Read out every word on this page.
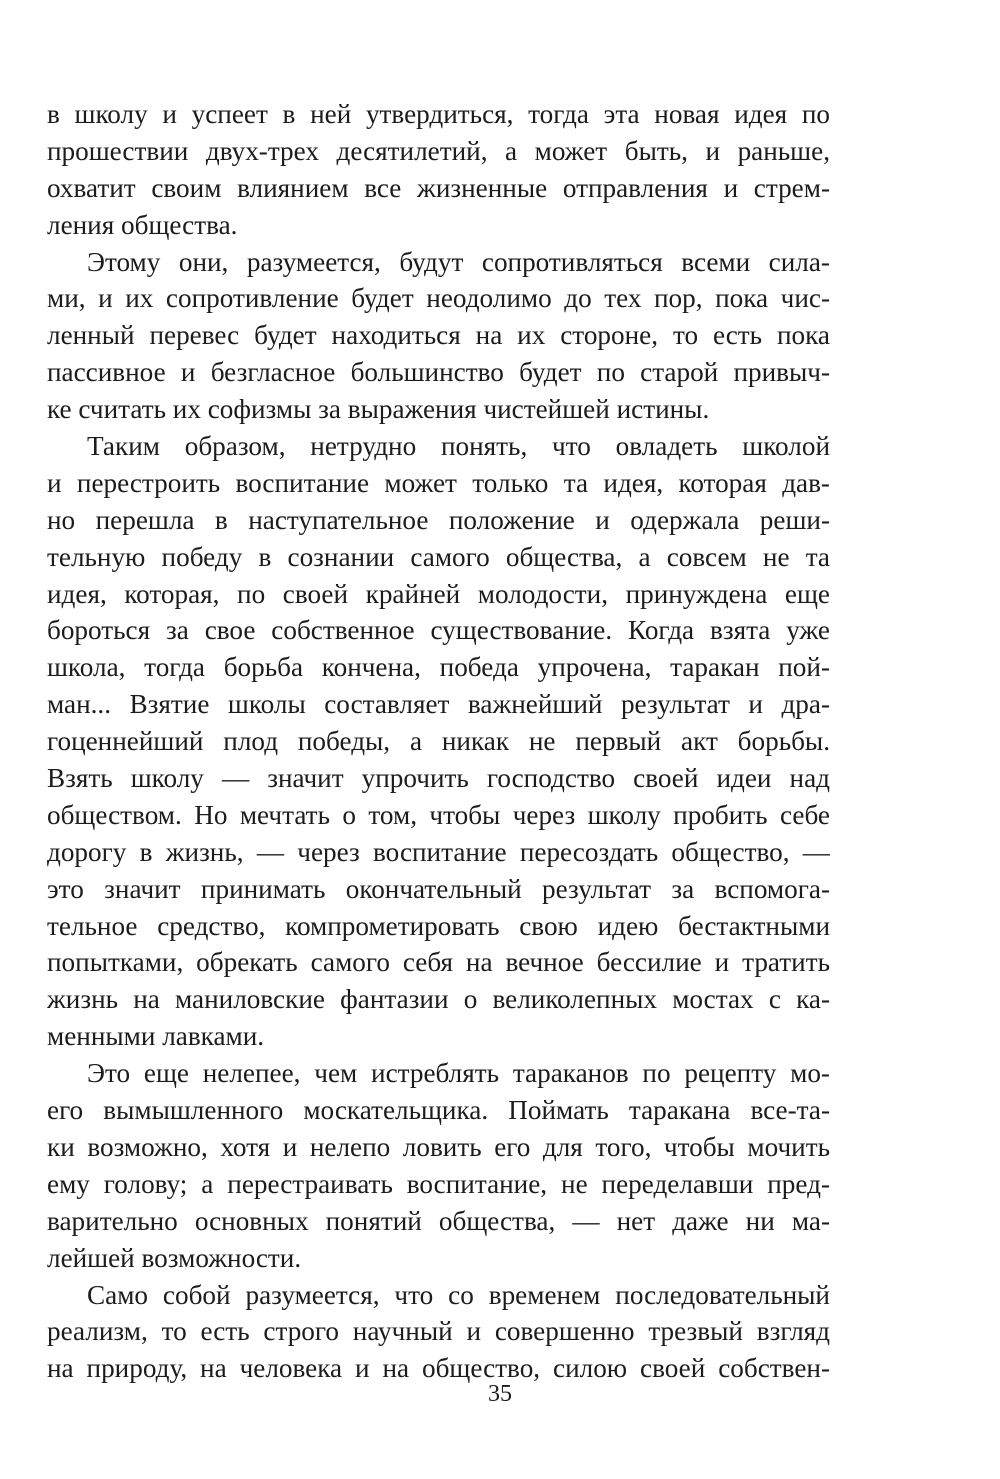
в школу и успеет в ней утвердиться, тогда эта новая идея по
прошествии двух-трех десятилетий, а может быть, и раньше,
охватит своим влиянием все жизненные отправления и стрем-
ления общества.
Этому они, разумеется, будут сопротивляться всеми сила-
ми, и их сопротивление будет неодолимо до тех пор, пока чис-
ленный перевес будет находиться на их стороне, то есть пока
пассивное и безгласное большинство будет по старой привыч-
ке считать их софизмы за выражения чистейшей истины.
Таким образом, нетрудно понять, что овладеть школой
и перестроить воспитание может только та идея, которая дав-
но перешла в наступательное положение и одержала реши-
тельную победу в сознании самого общества, а совсем не та
идея, которая, по своей крайней молодости, принуждена еще
бороться за свое собственное существование. Когда взята уже
школа, тогда борьба кончена, победа упрочена, таракан пой-
ман... Взятие школы составляет важнейший результат и дра-
гоценнейший плод победы, а никак не первый акт борьбы.
Взять школу — значит упрочить господство своей идеи над
обществом. Но мечтать о том, чтобы через школу пробить себе
дорогу в жизнь, — через воспитание пересоздать общество, —
это значит принимать окончательный результат за вспомога-
тельное средство, компрометировать свою идею бестактными
попытками, обрекать самого себя на вечное бессилие и тратить
жизнь на маниловские фантазии о великолепных мостах с ка-
менными лавками.
Это еще нелепее, чем истреблять тараканов по рецепту мо-
его вымышленного москательщика. Поймать таракана все-та-
ки возможно, хотя и нелепо ловить его для того, чтобы мочить
ему голову; а перестраивать воспитание, не переделавши пред-
варительно основных понятий общества, — нет даже ни ма-
лейшей возможности.
Само собой разумеется, что со временем последовательный
реализм, то есть строго научный и совершенно трезвый взгляд
на природу, на человека и на общество, силою своей собствен-
35
